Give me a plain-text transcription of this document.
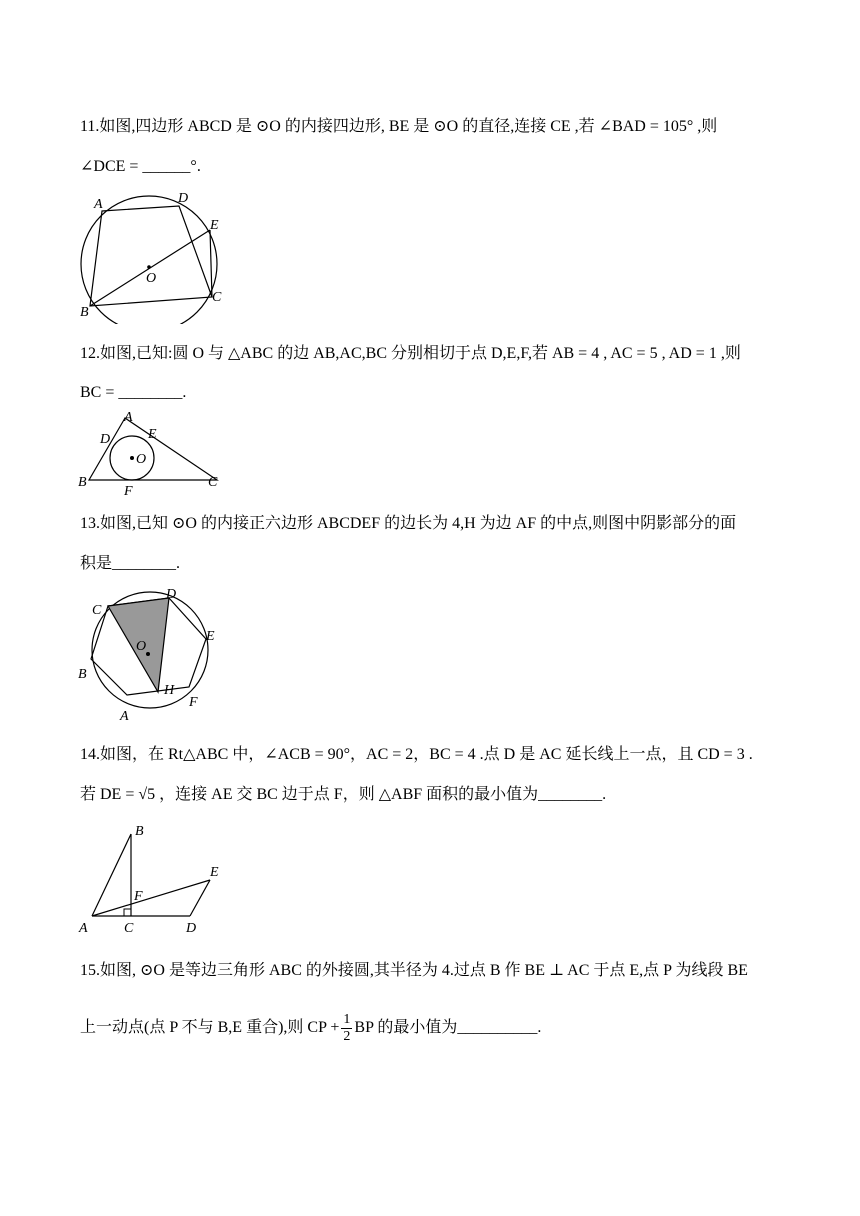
11.如图,四边形 ABCD 是 ⊙O 的内接四边形, BE 是 ⊙O 的直径,连接 CE ,若 ∠BAD = 105° ,则
∠DCE = ______°.
A	D
E
O
B
C
12.如图,已知:圆 O 与 △ABC 的边 AB,AC,BC 分别相切于点 D,E,F,若 AB = 4 , AC = 5 , AD = 1 ,则
BC = ________.
A
D	E
O
B
F
C
13.如图,已知 ⊙O 的内接正六边形 ABCDEF 的边长为 4,H 为边 AF 的中点,则图中阴影部分的面
积是________.
C
D
E
O
B
H
F
A
14.如图，在 Rt△ABC 中，∠ACB = 90°，AC = 2，BC = 4 .点 D 是 AC 延长线上一点，且 CD = 3 .
若 DE = √5 ，连接 AE 交 BC 边于点 F，则 △ABF 面积的最小值为________.
B
E
F
A	C	D
15.如图, ⊙O 是等边三角形 ABC 的外接圆,其半径为 4.过点 B 作 BE ⊥ AC 于点 E,点 P 为线段 BE
上一动点(点 P 不与 B,E 重合),则 CP + $\frac{1}{2}$ BP 的最小值为__________.
